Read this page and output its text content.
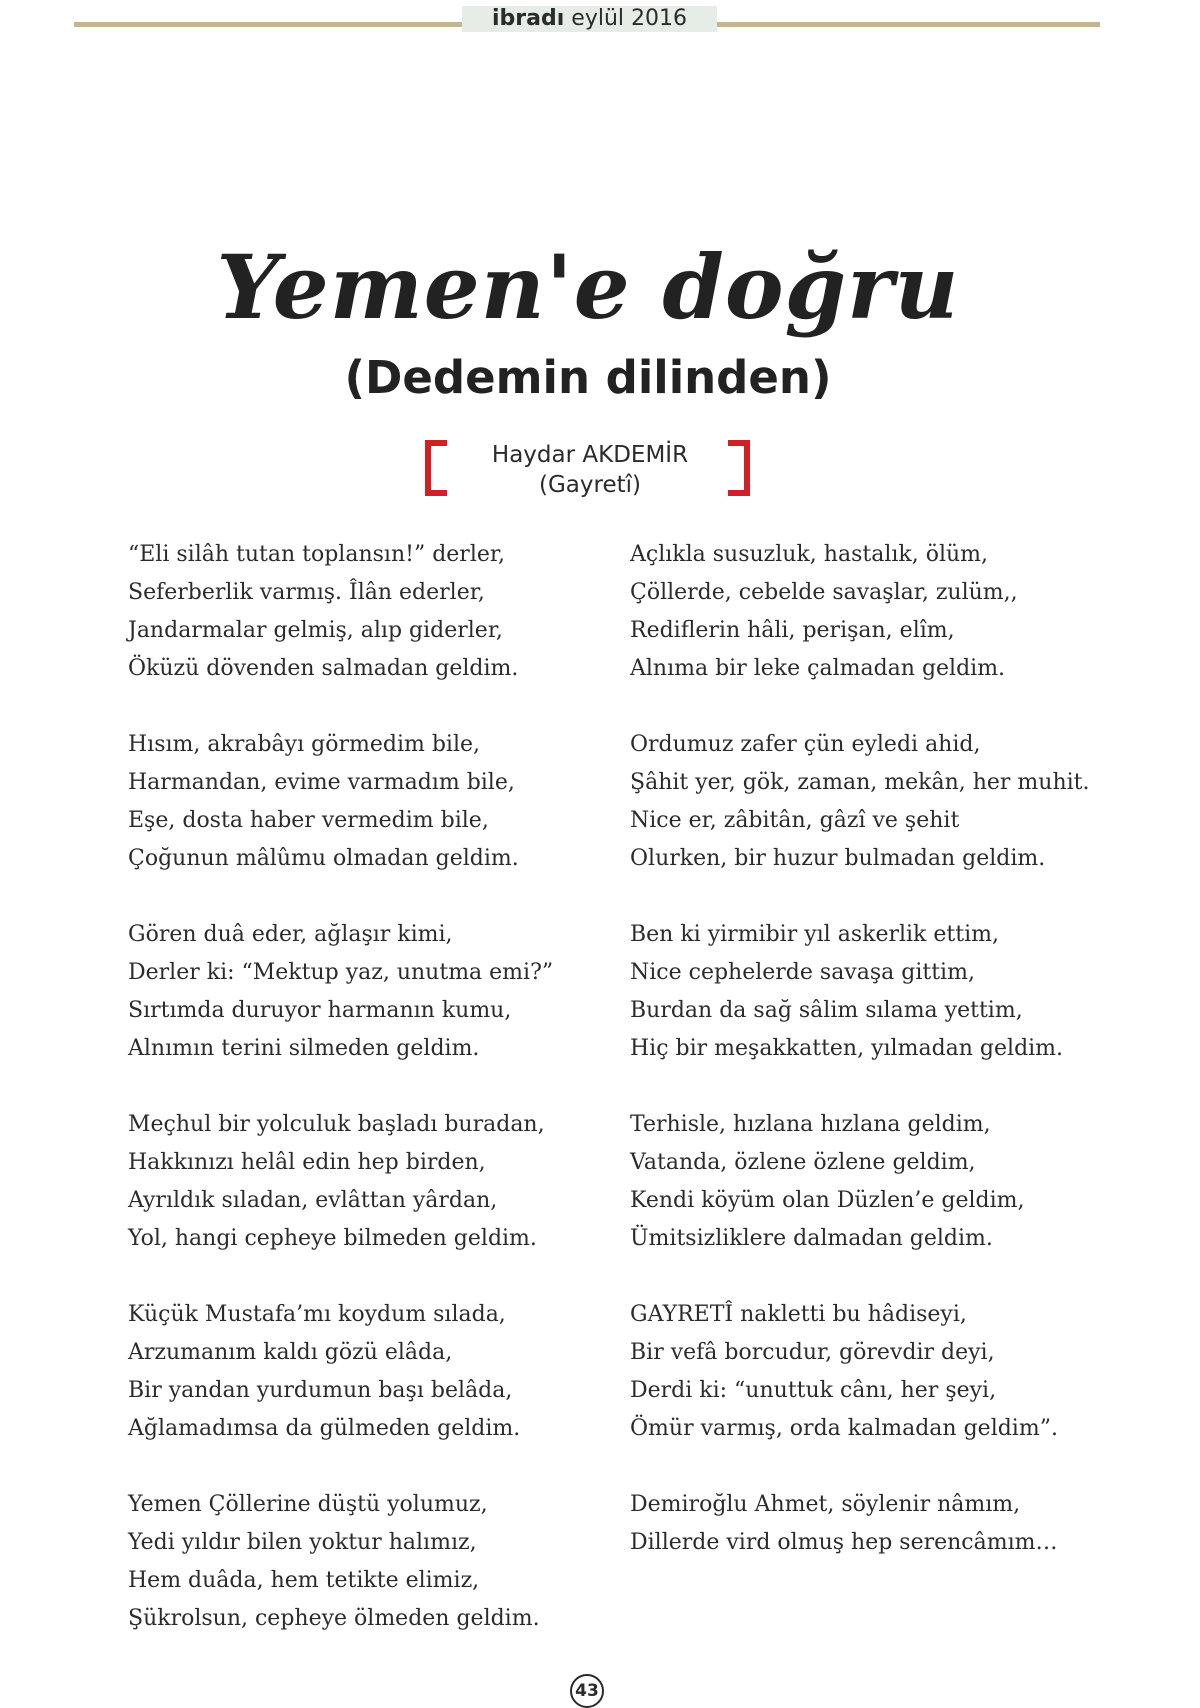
ibradı eylül 2016
Yemen'e doğru
(Dedemin dilinden)
Haydar AKDEMİR
(Gayretî)
“Eli silâh tutan toplansın!” derler,
Seferberlik varmış. Îlân ederler,
Jandarmalar gelmiş, alıp giderler,
Öküzü dövenden salmadan geldim.
Hısım, akrabâyı görmedim bile,
Harmandan, evime varmadım bile,
Eşe, dosta haber vermedim bile,
Çoğunun mâlûmu olmadan geldim.
Gören duâ eder, ağlaşır kimi,
Derler ki: “Mektup yaz, unutma emi?”
Sırtımda duruyor harmanın kumu,
Alnımın terini silmeden geldim.
Meçhul bir yolculuk başladı buradan,
Hakkınızı helâl edin hep birden,
Ayrıldık sıladan, evlâttan yârdan,
Yol, hangi cepheye bilmeden geldim.
Küçük Mustafa’mı koydum sılada,
Arzumanım kaldı gözü elâda,
Bir yandan yurdumun başı belâda,
Ağlamadımsa da gülmeden geldim.
Yemen Çöllerine düştü yolumuz,
Yedi yıldır bilen yoktur halımız,
Hem duâda, hem tetikte elimiz,
Şükrolsun, cepheye ölmeden geldim.
Açlıkla susuzluk, hastalık, ölüm,
Çöllerde, cebelde savaşlar, zulüm,,
Rediflerin hâli, perişan, elîm,
Alnıma bir leke çalmadan geldim.
Ordumuz zafer çün eyledi ahid,
Şâhit yer, gök, zaman, mekân, her muhit.
Nice er, zâbitân, gâzî ve şehit
Olurken, bir huzur bulmadan geldim.
Ben ki yirmibir yıl askerlik ettim,
Nice cephelerde savaşa gittim,
Burdan da sağ sâlim sılama yettim,
Hiç bir meşakkatten, yılmadan geldim.
Terhisle, hızlana hızlana geldim,
Vatanda, özlene özlene geldim,
Kendi köyüm olan Düzlen’e geldim,
Ümitsizliklere dalmadan geldim.
GAYRETÎ nakletti bu hâdiseyi,
Bir vefâ borcudur, görevdir deyi,
Derdi ki: “unuttuk cânı, her şeyi,
Ömür varmış, orda kalmadan geldim”.
Demiroğlu Ahmet, söylenir nâmım,
Dillerde vird olmuş hep serencâmım…
43
